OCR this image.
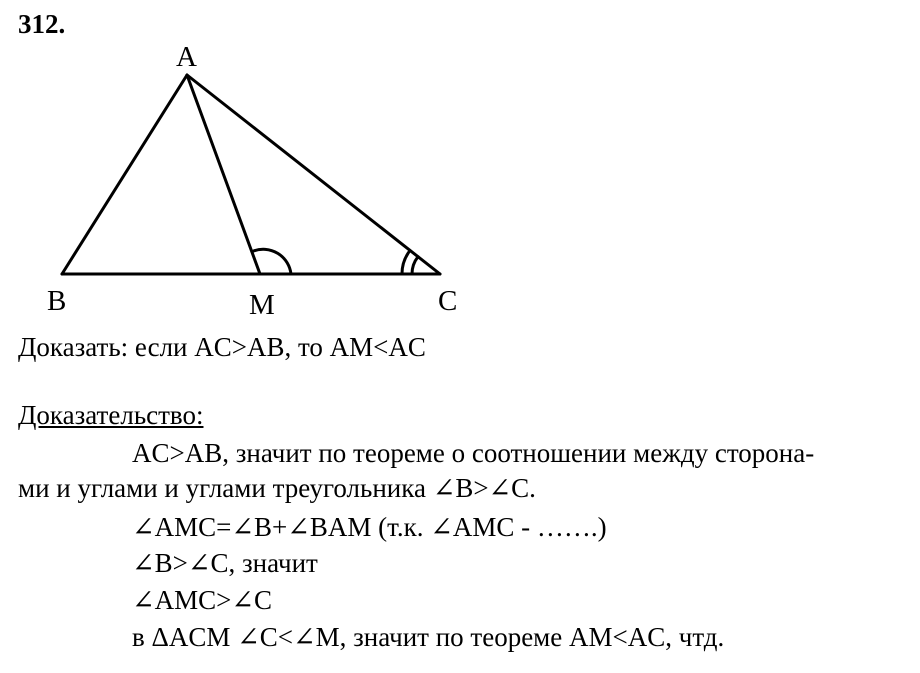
312.
A
B	M	C
Доказать: если AC>AB, то AM<AC
Доказательство:
AC>AB, значит по теореме о соотношении между сторона-
ми и углами и углами треугольника ∠B>∠C.
∠AMC=∠B+∠BAM (т.к. ∠AMC - …….)
∠B>∠C, значит
∠AMC>∠C
в ΔACM ∠C<∠M, значит по теореме AM<AC, чтд.
